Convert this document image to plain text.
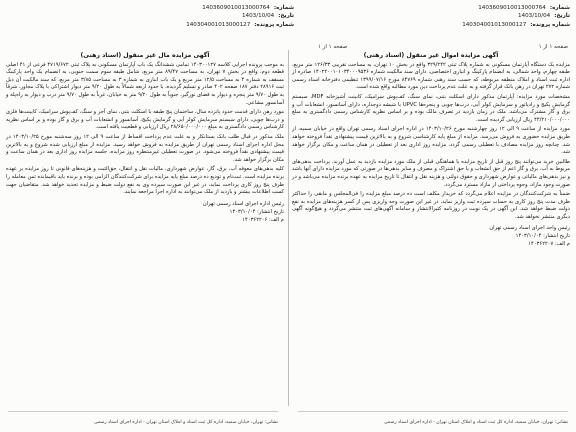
شماره:
1403609010013000764
تاریخ:
1403/10/04
شماره پرونده:
140304001013000127
شماره:
1403609010013000764
تاریخ:
1403/10/04
شماره پرونده:
140304001013000127
صفحه ۱ از ۱
صفحه ۱ از ۱
آگهی مزایده اموال غیر منقول (اسناد رهنی)

مزایده یک دستگاه آپارتمان مسکونی به شماره پلاک ثبتی ۳۲۹/۲۴۲ واقع در بخش ۱۰ تهران، به مساحت تقریبی ۱۲۶/۳۳ متر مربع، طبقه چهارم، واحد شمالی، به انضمام پارکینگ و انباری اختصاصی، دارای سند مالکیت شماره ۱۴۰۲۲۰۰۱۰۱۰۳۴۰۰۰۹۵۳۶ صادره از اداره ثبت اسناد و املاک منطقه مربوطه، که حسب سند رهنی شماره ۸۴۷۶۹ مورخ ۱۳۹۹/۰۷/۱۶ تنظیمی دفترخانه اسناد رسمی شماره ۲۷۲ تهران در رهن بانک قرار گرفته و به علت عدم پرداخت دین مورد مطالبه واقع شده است.

مشخصات مورد مزایده: آپارتمان مذکور دارای اسکلت بتنی، نمای سنگ، کف‌پوش سرامیک، کابینت آشپزخانه MDF، سیستم گرمایش پکیج و رادیاتور و سرمایش کولر آبی، درب‌ها چوبی و پنجره‌ها UPVC با شیشه دوجداره، دارای آسانسور، انشعابات آب و برق و گاز مشترک می‌باشد. ملک در زمان بازدید در تصرف مالک بوده و بر اساس نظریه کارشناس رسمی دادگستری به مبلغ ۴۴/۲۱۰/۰۰۰/۰۰۰ ریال ارزیابی گردیده است.

مورد مزایده از ساعت ۹ الی ۱۲ روز چهارشنبه مورخ ۱۴۰۳/۱۰/۲۶ در اداره اجرای اسناد رسمی تهران واقع در خیابان سمیه، از طریق مزایده حضوری به فروش می‌رسد. مزایده از مبلغ پایه کارشناسی شروع و به بالاترین قیمت پیشنهادی نقداً فروخته خواهد شد. چنانچه روز مزایده مصادف با تعطیلی رسمی گردد، مزایده روز اداری بعد از تعطیلی در همان ساعت و مکان برگزار خواهد شد.

طالبین خرید می‌توانند پنج روز قبل از تاریخ مزایده با هماهنگی قبلی از ملک مورد مزایده بازدید به عمل آورند. پرداخت بدهی‌های مربوط به آب، برق و گاز اعم از حق انشعاب و یا حق اشتراک و مصرف و سایر بدهی‌ها در صورتی که مورد مزایده دارای آنها باشد و نیز بدهی‌های مالیاتی و عوارض شهرداری و حقوق دولتی و هزینه نقل و انتقال تا تاریخ مزایده به عهده برنده مزایده می‌باشد و در صورت وجود مازاد، وجوه پرداختی از مازاد مسترد می‌گردد.

ضمناً به شرکت‌کنندگان در مزایده اعلام می‌گردد که خریدار مکلف است ده درصد مبلغ مزایده را فی‌المجلس و مابقی را حداکثر ظرف مدت پنج روز کاری به حساب سپرده ثبت واریز نماید، در غیر این صورت وجه واریزی پس از کسر هزینه‌های مزایده به نفع دولت ضبط خواهد شد. این آگهی در یک نوبت در روزنامه کثیرالانتشار و سامانه آگهی‌های ثبت منتشر می‌گردد و هیچ‌گونه آگهی دیگری منتشر نخواهد شد.

رئیس واحد اجرای اسناد رسمی تهران
تاریخ انتشار: ۱۴۰۳/۱۰/۰۴
م الف: ۱۴۰۳۶۲۲۰۷
آگهی مزایده مال غیر منقول (اسناد رهنی)

به موجب پرونده اجرایی کلاسه ۱۴۰۳۰۰۱۲۷ تمامی ششدانگ یک باب آپارتمان مسکونی به پلاک ثبتی ۴۷۱۹/۶۷۲ فرعی از ۴۱ اصلی قطعه دوم، واقع در بخش ۷ تهران، به مساحت ۸۹/۴۷ متر مربع، شامل طبقه سوم سمت جنوبی، به انضمام یک واحد پارکینگ مسقف به شماره ۴ به مساحت ۱۲/۵ متر مربع و یک باب انباری به شماره ۳ به مساحت ۳/۸۵ متر مربع، که سند مالکیت آن ذیل ثبت ۲۸۹۱۶ دفتر ۱۸۷ صفحه ۴۰۲ صادر و تسلیم گردیده، با حدود اربعه شمالاً به طول ۹/۲۰ متر دیوار اشتراکی با پلاک مجاور، شرقاً به طول ۹/۷۰ متر پنجره و دیوار به فضای نورگیر، جنوباً به طول ۹/۲۰ متر به خیابان، غرباً به طول ۹/۷۰ متر درب و دیوار به راه‌پله و آسانسور مشاعی.

مورد رهن دارای قدمت حدود پانزده سال، ساختمان پنج طبقه با اسکلت بتنی، نمای آجر و سنگ، کف‌پوش سرامیک، کابینت‌ها فلزی و درب‌ها چوبی، دارای سیستم سرمایش کولر آبی و گرمایش پکیج، آسانسور و انشعابات آب و برق و گاز بوده و بر اساس نظریه کارشناس رسمی دادگستری به مبلغ ۲۸/۶۵۰/۰۰۰/۰۰۰ ریال ارزیابی و قطعیت یافته است.

ملک مذکور در قبال طلب بانک بستانکار و به علت عدم پرداخت اقساط از ساعت ۹ الی ۱۲ روز سه‌شنبه مورخ ۱۴۰۳/۱۰/۲۵ در محل اداره اجرای اسناد رسمی تهران از طریق مزایده به فروش خواهد رسید. مزایده از مبلغ ارزیابی شده شروع و به بالاترین قیمت پیشنهادی نقداً فروخته می‌شود. در صورت تعطیلی غیرمنتظره روز مزایده، جلسه مزایده روز اداری بعد در همان ساعت و مکان برگزار خواهد شد.

کلیه بدهی‌های معوقه آب، برق، گاز، عوارض شهرداری، مالیات نقل و انتقال، حق‌الثبت و هزینه‌های قانونی تا روز مزایده بر عهده برنده مزایده است. ثبت‌نام و تودیع ده درصد مبلغ پایه مزایده برای شرکت‌کنندگان الزامی بوده و برنده باید باقیمانده ثمن معامله را ظرف پنج روز کاری پرداخت نماید، در غیر این صورت سپرده وی به نفع دولت ضبط و مزایده تجدید خواهد شد. متقاضیان جهت کسب اطلاعات بیشتر و بازدید از ملک می‌توانند به اداره اجرا مراجعه نمایند.

رئیس اداره اجرای اسناد رسمی تهران
تاریخ انتشار: ۱۴۰۳/۱۰/۰۴
م الف: ۱۴۰۳۶۲۲۰۶
نشانی: تهران، خیابان سمیه، اداره کل ثبت اسناد و املاک استان تهران - اداره اجرای اسناد رسمی
نشانی: تهران، خیابان سمیه، اداره کل ثبت اسناد و املاک استان تهران - اداره اجرای اسناد رسمی
